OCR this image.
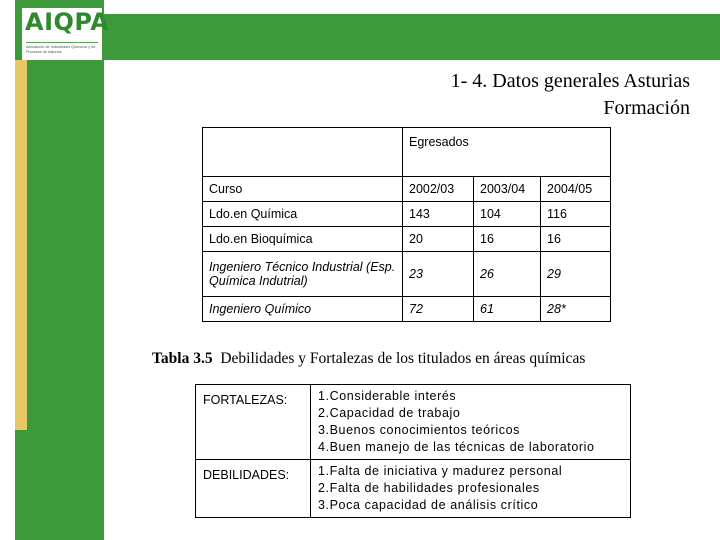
AIQPA
Asociación de Industriales Químicos y de Procesos de Asturias
1- 4. Datos generales Asturias
Formación
	Egresados		
Curso	2002/03	2003/04	2004/05
Ldo.en Química	143	104	116
Ldo.en Bioquímica	20	16	16
Ingeniero Técnico Industrial (Esp. Química Indutrial)	23	26	29
Ingeniero Químico	72	61	28*
Tabla 3.5 Debilidades y Fortalezas de los titulados en áreas químicas
FORTALEZAS:	1.Considerable interés
2.Capacidad de trabajo
3.Buenos conocimientos teóricos
4.Buen manejo de las técnicas de laboratorio

DEBILIDADES:	1.Falta de iniciativa y madurez personal
2.Falta de habilidades profesionales
3.Poca capacidad de análisis crítico
